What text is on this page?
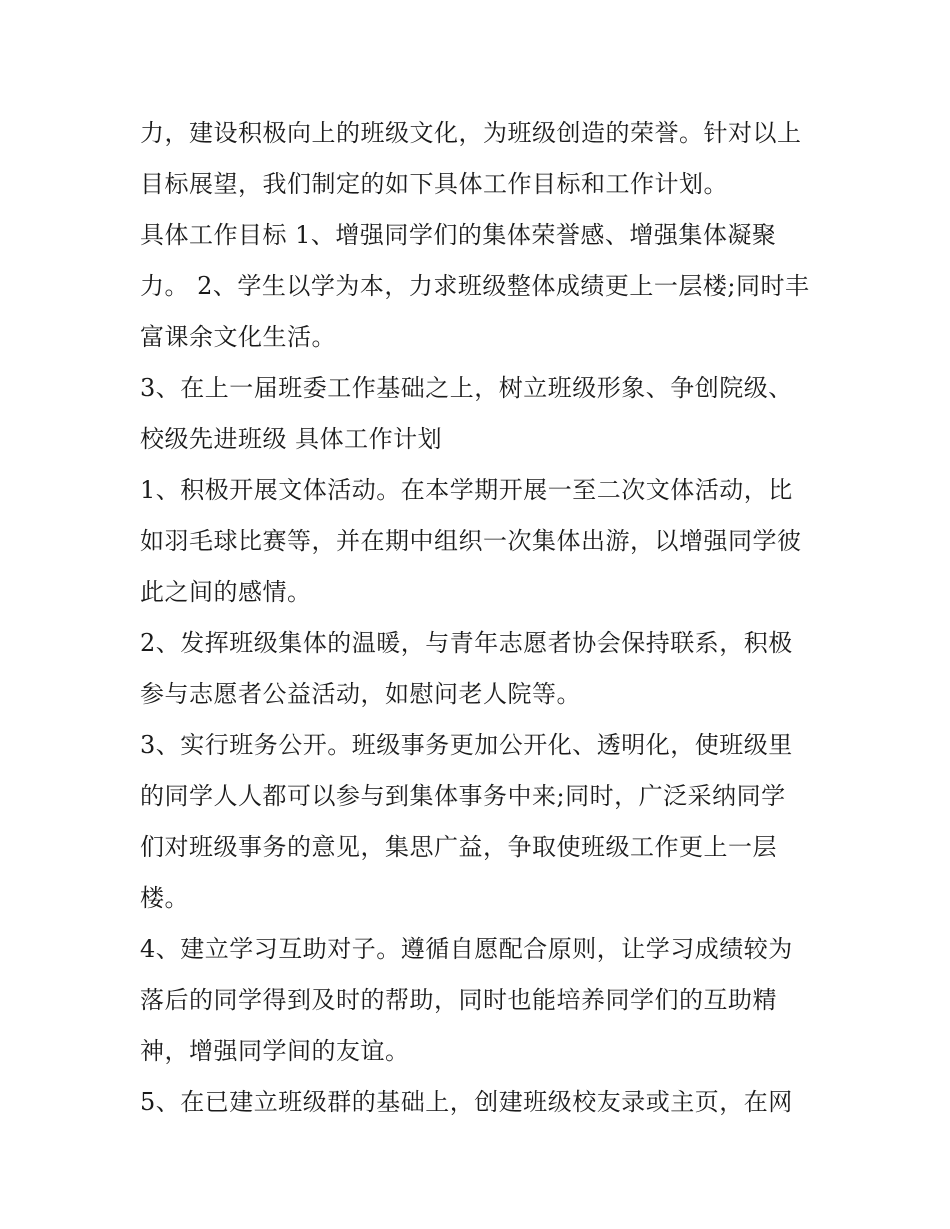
力，建设积极向上的班级文化，为班级创造的荣誉。针对以上
目标展望，我们制定的如下具体工作目标和工作计划。
具体工作目标 1、增强同学们的集体荣誉感、增强集体凝聚
力。 2、学生以学为本，力求班级整体成绩更上一层楼;同时丰
富课余文化生活。
3、在上一届班委工作基础之上，树立班级形象、争创院级、
校级先进班级 具体工作计划
1、积极开展文体活动。在本学期开展一至二次文体活动，比
如羽毛球比赛等，并在期中组织一次集体出游，以增强同学彼
此之间的感情。
2、发挥班级集体的温暖，与青年志愿者协会保持联系，积极
参与志愿者公益活动，如慰问老人院等。
3、实行班务公开。班级事务更加公开化、透明化，使班级里
的同学人人都可以参与到集体事务中来;同时，广泛采纳同学
们对班级事务的意见，集思广益，争取使班级工作更上一层
楼。
4、建立学习互助对子。遵循自愿配合原则，让学习成绩较为
落后的同学得到及时的帮助，同时也能培养同学们的互助精
神，增强同学间的友谊。
5、在已建立班级群的基础上，创建班级校友录或主页，在网
